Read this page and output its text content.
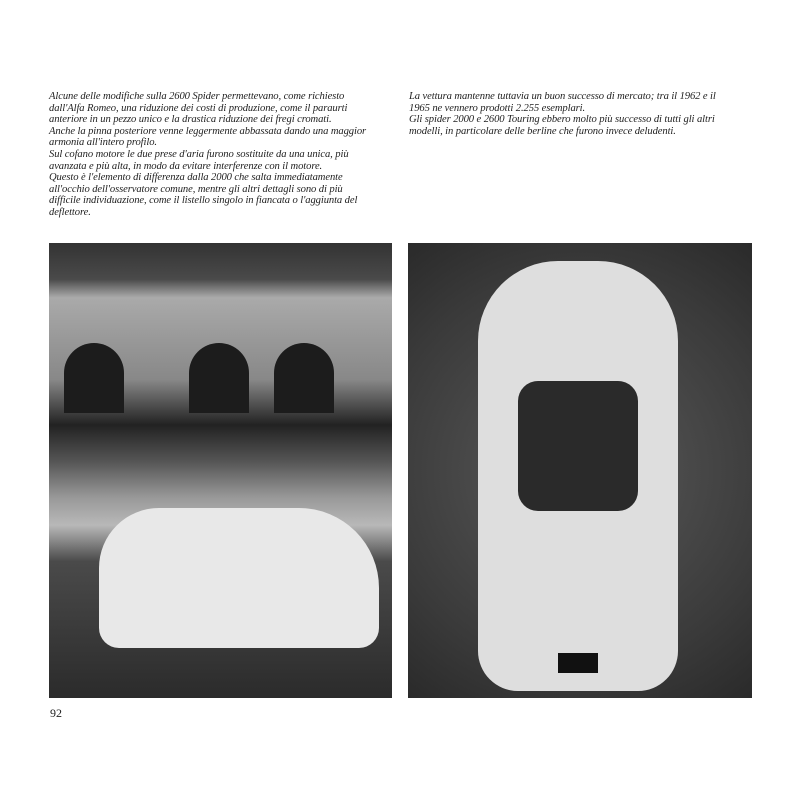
Alcune delle modifiche sulla 2600 Spider permettevano, come richiesto
dall'Alfa Romeo, una riduzione dei costi di produzione, come il paraurti
anteriore in un pezzo unico e la drastica riduzione dei fregi cromati.
Anche la pinna posteriore venne leggermente abbassata dando una maggior
armonia all'intero profilo.
Sul cofano motore le due prese d'aria furono sostituite da una unica, più
avanzata e più alta, in modo da evitare interferenze con il motore.
Questo è l'elemento di differenza dalla 2000 che salta immediatamente
all'occhio dell'osservatore comune, mentre gli altri dettagli sono di più
difficile individuazione, come il listello singolo in fiancata o l'aggiunta del
deflettore.
La vettura mantenne tuttavia un buon successo di mercato; tra il 1962 e il
1965 ne vennero prodotti 2.255 esemplari.
Gli spider 2000 e 2600 Touring ebbero molto più successo di tutti gli altri
modelli, in particolare delle berline che furono invece deludenti.
92
